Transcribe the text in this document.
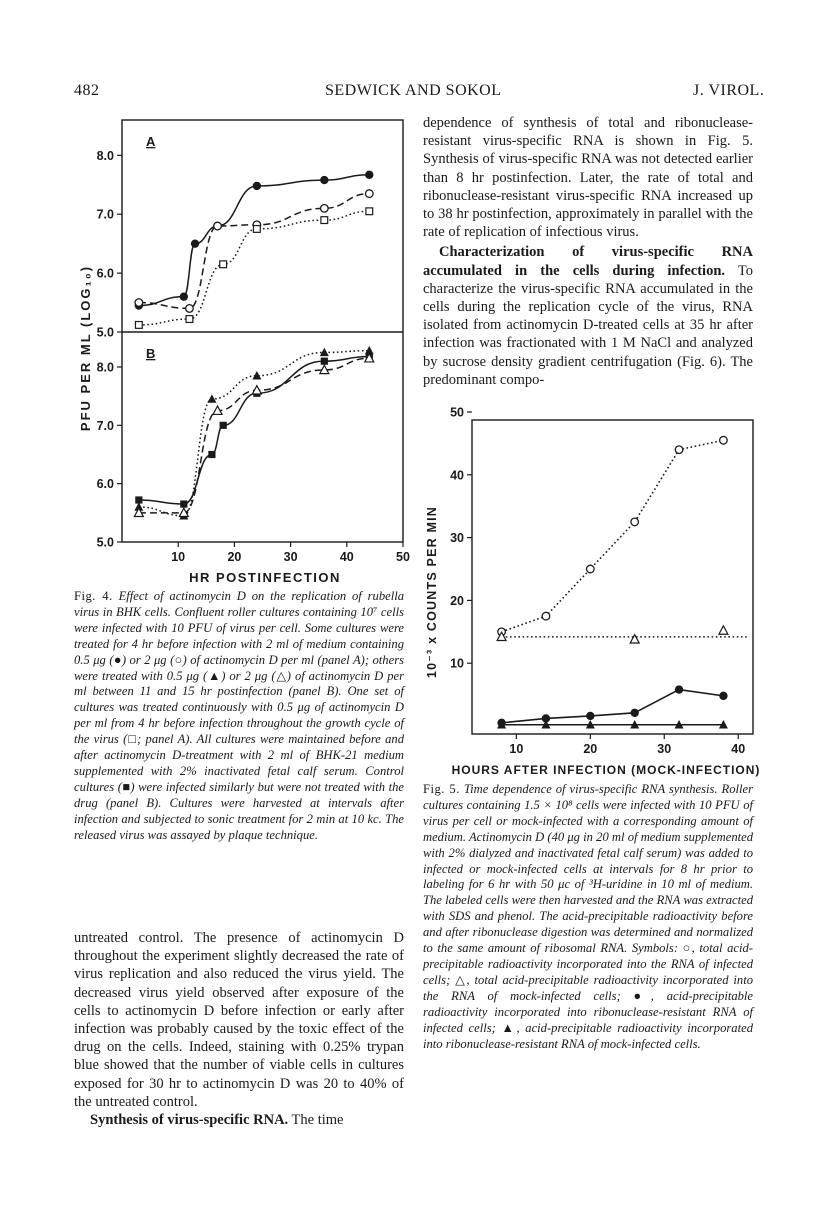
482	SEDWICK AND SOKOL	J. VIROL.
A
5.0
6.0
7.0
8.0
B
5.0
6.0
7.0
8.0
10	20	30	40	50
PFU PER ML (LOG₁₀)
HR POSTINFECTION
10
20
30
40
50
10	20	30	40
10⁻³ x COUNTS PER MIN
HOURS AFTER INFECTION (MOCK-INFECTION)
Fig. 4. Effect of actinomycin D on the replication of rubella virus in BHK cells. Confluent roller cultures containing 10⁷ cells were infected with 10 PFU of virus per cell. Some cultures were treated for 4 hr before infection with 2 ml of medium containing 0.5 μg (●) or 2 μg (○) of actinomycin D per ml (panel A); others were treated with 0.5 μg (▲) or 2 μg (△) of actinomycin D per ml between 11 and 15 hr postinfection (panel B). One set of cultures was treated continuously with 0.5 μg of actinomycin D per ml from 4 hr before infection throughout the growth cycle of the virus (□; panel A). All cultures were maintained before and after actinomycin D-treatment with 2 ml of BHK-21 medium supplemented with 2% inactivated fetal calf serum. Control cultures (■) were infected similarly but were not treated with the drug (panel B). Cultures were harvested at intervals after infection and subjected to sonic treatment for 2 min at 10 kc. The released virus was assayed by plaque technique.

untreated control. The presence of actinomycin D throughout the experiment slightly decreased the rate of virus replication and also reduced the virus yield. The decreased virus yield observed after exposure of the cells to actinomycin D before infection or early after infection was probably caused by the toxic effect of the drug on the cells. Indeed, staining with 0.25% trypan blue showed that the number of viable cells in cultures exposed for 30 hr to actinomycin D was 20 to 40% of the untreated control.

Synthesis of virus-specific RNA. The time

dependence of synthesis of total and ribonuclease-resistant virus-specific RNA is shown in Fig. 5. Synthesis of virus-specific RNA was not detected earlier than 8 hr postinfection. Later, the rate of total and ribonuclease-resistant virus-specific RNA increased up to 38 hr postinfection, approximately in parallel with the rate of replication of infectious virus.

Characterization of virus-specific RNA accumulated in the cells during infection. To characterize the virus-specific RNA accumulated in the cells during the replication cycle of the virus, RNA isolated from actinomycin D-treated cells at 35 hr after infection was fractionated with 1 M NaCl and analyzed by sucrose density gradient centrifugation (Fig. 6). The predominant compo-

Fig. 5. Time dependence of virus-specific RNA synthesis. Roller cultures containing 1.5 × 10⁸ cells were infected with 10 PFU of virus per cell or mock-infected with a corresponding amount of medium. Actinomycin D (40 μg in 20 ml of medium supplemented with 2% dialyzed and inactivated fetal calf serum) was added to infected or mock-infected cells at intervals for 8 hr prior to labeling for 6 hr with 50 μc of ³H-uridine in 10 ml of medium. The labeled cells were then harvested and the RNA was extracted with SDS and phenol. The acid-precipitable radioactivity before and after ribonuclease digestion was determined and normalized to the same amount of ribosomal RNA. Symbols: ○, total acid-precipitable radioactivity incorporated into the RNA of infected cells; △, total acid-precipitable radioactivity incorporated into the RNA of mock-infected cells; ●, acid-precipitable radioactivity incorporated into ribonuclease-resistant RNA of infected cells; ▲, acid-precipitable radioactivity incorporated into ribonuclease-resistant RNA of mock-infected cells.
